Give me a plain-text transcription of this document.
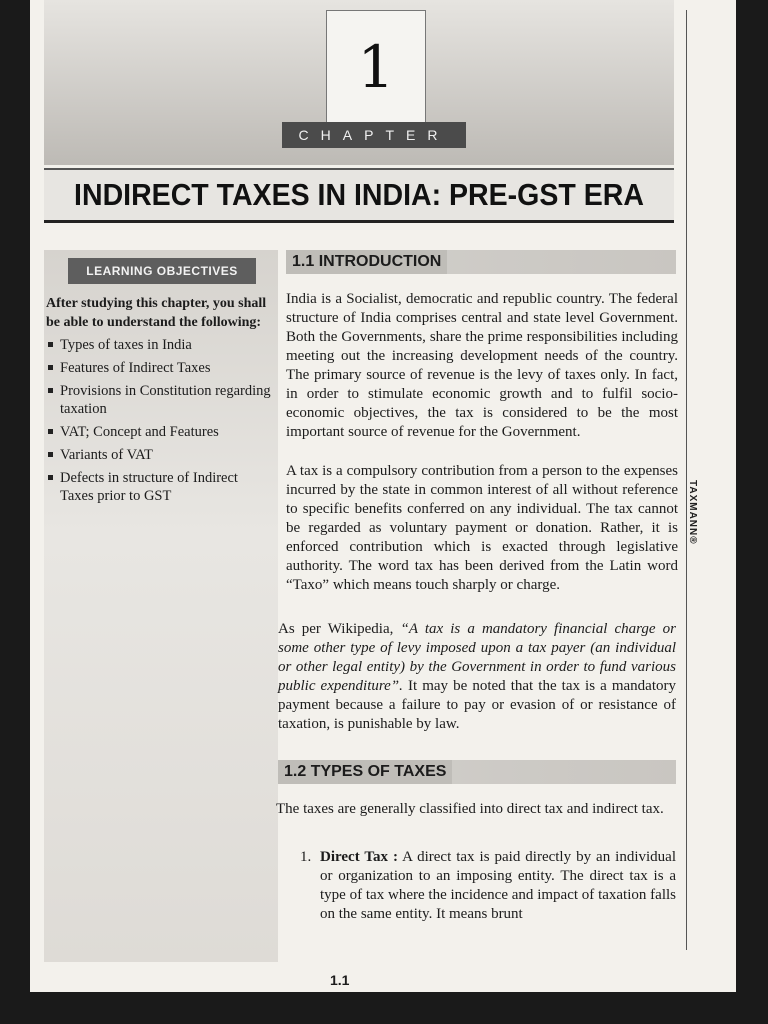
TAXMANN®
1
CHAPTER
INDIRECT TAXES IN INDIA: PRE-GST ERA
LEARNING OBJECTIVES
After studying this chapter, you shall be able to understand the following:
Types of taxes in India
Features of Indirect Taxes
Provisions in Constitution regarding taxation
VAT; Concept and Features
Variants of VAT
Defects in structure of Indirect Taxes prior to GST
1.1 INTRODUCTION

India is a Socialist, democratic and republic country. The federal structure of India comprises central and state level Government. Both the Governments, share the prime responsibilities including meeting out the increasing development needs of the country. The primary source of revenue is the levy of taxes only. In fact, in order to stimulate economic growth and to fulfil socio-economic objectives, the tax is considered to be the most important source of revenue for the Government.

A tax is a compulsory contribution from a person to the expenses incurred by the state in common interest of all without reference to specific benefits conferred on any individual. The tax cannot be regarded as voluntary payment or donation. Rather, it is enforced contribution which is exacted through legislative authority. The word tax has been derived from the Latin word “Taxo” which means touch sharply or charge.

As per Wikipedia, “A tax is a mandatory financial charge or some other type of levy imposed upon a tax payer (an individual or other legal entity) by the Government in order to fund various public expenditure”. It may be noted that the tax is a mandatory payment because a failure to pay or evasion of or resistance of taxation, is punishable by law.

1.2 TYPES OF TAXES

The taxes are generally classified into direct tax and indirect tax.

1. Direct Tax : A direct tax is paid directly by an individual or organization to an imposing entity. The direct tax is a type of tax where the incidence and impact of taxation falls on the same entity. It means brunt
1.1
